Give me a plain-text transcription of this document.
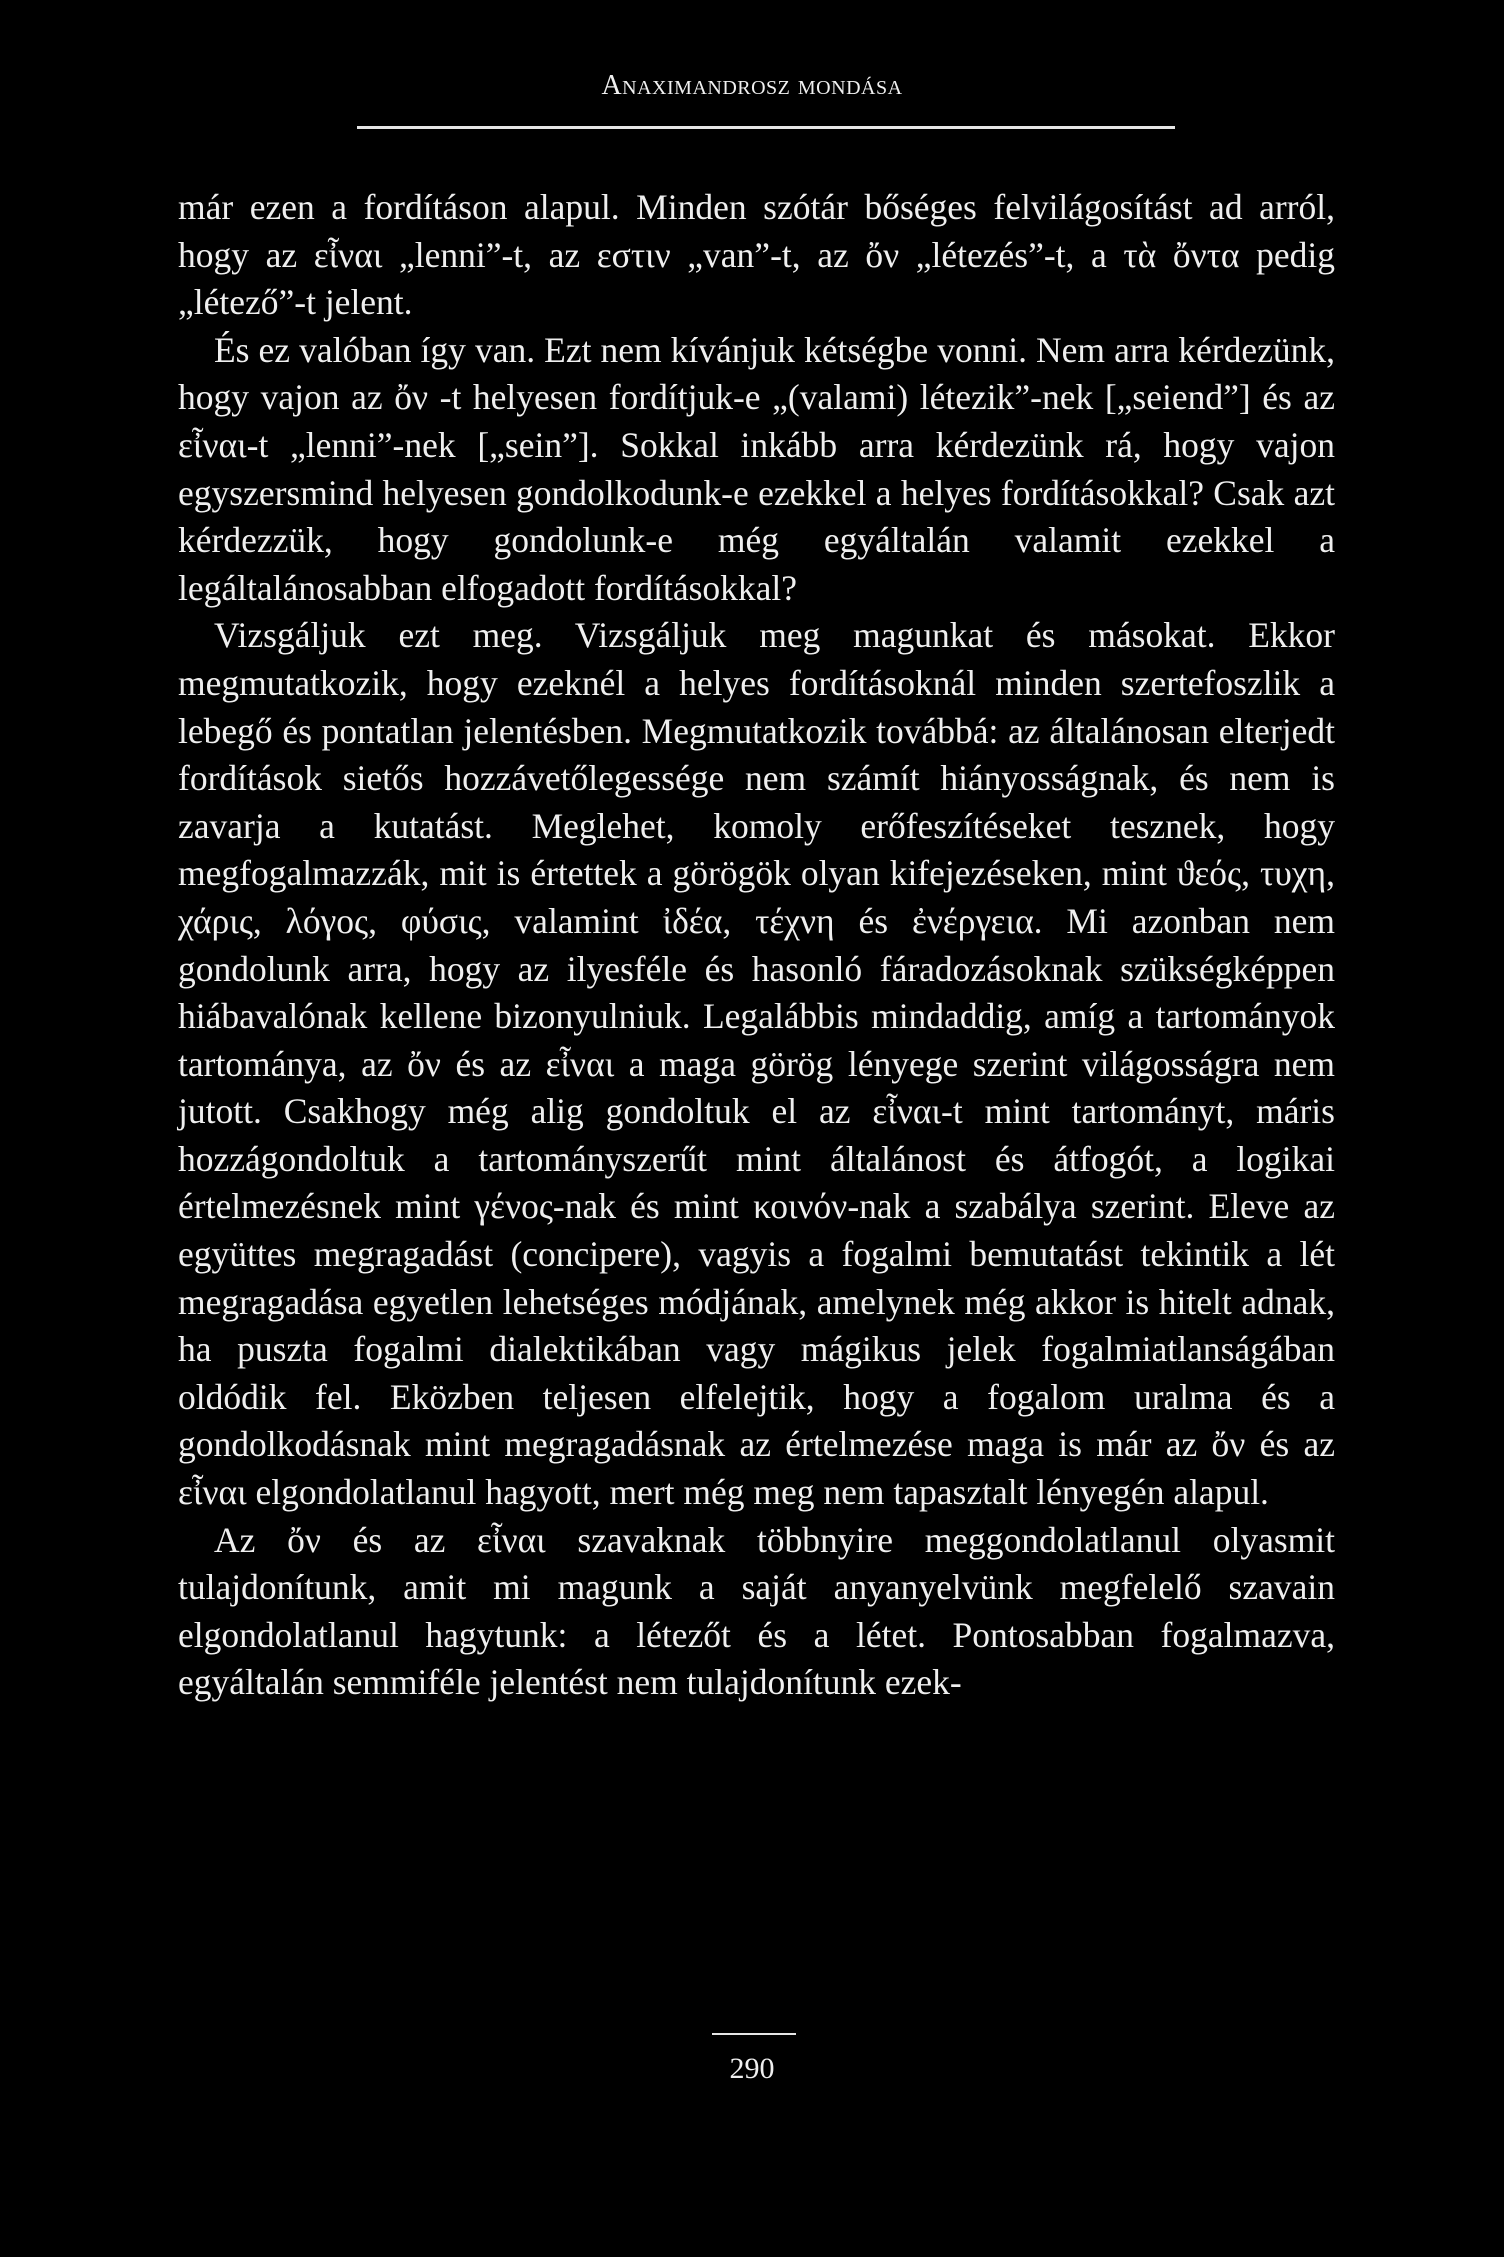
Anaximandrosz mondása

már ezen a fordításon alapul. Minden szótár bőséges felvilágosítást ad arról, hogy az εἶναι „lenni”-t, az εστιν „van”-t, az ὄν „létezés”-t, a τὰ ὄντα pedig „létező”-t jelent.

És ez valóban így van. Ezt nem kívánjuk kétségbe vonni. Nem arra kérdezünk, hogy vajon az ὄν -t helyesen fordítjuk-e „(valami) létezik”-nek [„seiend”] és az εἶναι-t „lenni”-nek [„sein”]. Sokkal inkább arra kérdezünk rá, hogy vajon egyszersmind helyesen gondolkodunk-e ezekkel a helyes fordításokkal? Csak azt kérdezzük, hogy gondolunk-e még egyáltalán valamit ezekkel a legáltalánosabban elfogadott fordításokkal?

Vizsgáljuk ezt meg. Vizsgáljuk meg magunkat és másokat. Ekkor megmutatkozik, hogy ezeknél a helyes fordításoknál minden szertefoszlik a lebegő és pontatlan jelentésben. Megmutatkozik továbbá: az általánosan elterjedt fordítások sietős hozzávetőlegessége nem számít hiányosságnak, és nem is zavarja a kutatást. Meglehet, komoly erőfeszítéseket tesznek, hogy megfogalmazzák, mit is értettek a görögök olyan kifejezéseken, mint ϑεός, τυχη, χάρις, λόγος, φύσις, valamint ἰδέα, τέχνη és ἐνέργεια. Mi azonban nem gondolunk arra, hogy az ilyesféle és hasonló fáradozásoknak szükségképpen hiábavalónak kellene bizonyulniuk. Legalábbis mindaddig, amíg a tartományok tartománya, az ὄν és az εἶναι a maga görög lényege szerint világosságra nem jutott. Csakhogy még alig gondoltuk el az εἶναι-t mint tartományt, máris hozzágondoltuk a tartományszerűt mint általánost és átfogót, a logikai értelmezésnek mint γένος-nak és mint κοινόν-nak a szabálya szerint. Eleve az együttes megragadást (concipere), vagyis a fogalmi bemutatást tekintik a lét megragadása egyetlen lehetséges módjának, amelynek még akkor is hitelt adnak, ha puszta fogalmi dialektikában vagy mágikus jelek fogalmiatlanságában oldódik fel. Eközben teljesen elfelejtik, hogy a fogalom uralma és a gondolkodásnak mint megragadásnak az értelmezése maga is már az ὄν és az εἶναι elgondolatlanul hagyott, mert még meg nem tapasztalt lényegén alapul.

Az ὄν és az εἶναι szavaknak többnyire meggondolatlanul olyasmit tulajdonítunk, amit mi magunk a saját anyanyelvünk megfelelő szavain elgondolatlanul hagytunk: a létezőt és a létet. Pontosabban fogalmazva, egyáltalán semmiféle jelentést nem tulajdonítunk ezek-

290
